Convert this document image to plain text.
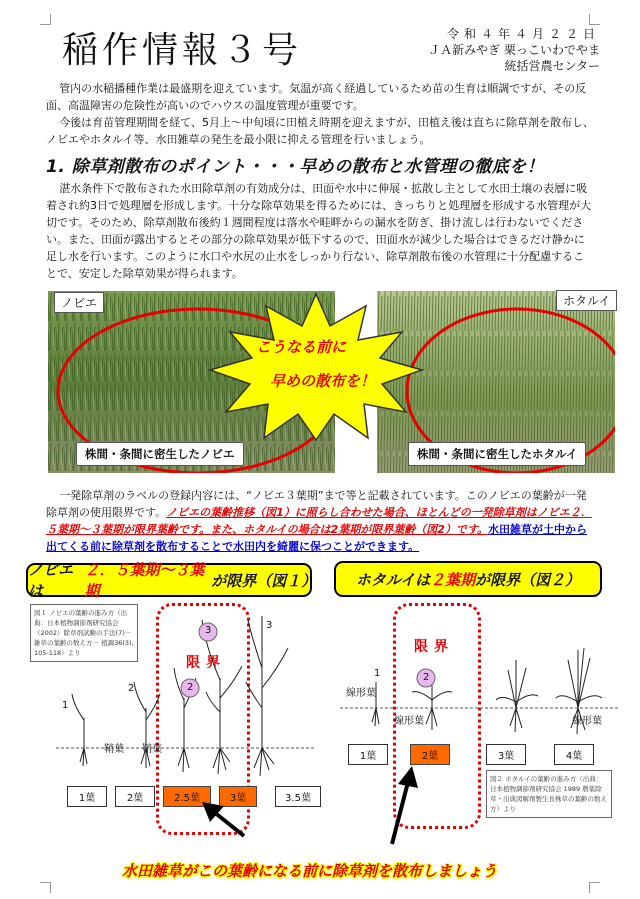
稲作情報３号	令和４年４月２２日
ＪＡ新みやぎ 栗っこいわでやま
統括営農センター
管内の水稲播種作業は最盛期を迎えています。気温が高く経過しているため苗の生育は順調ですが、その反面、高温障害の危険性が高いのでハウスの温度管理が重要です。
今後は育苗管理期間を経て、5月上～中旬頃に田植え時期を迎えますが、田植え後は直ちに除草剤を散布し、ノビエやホタルイ等、水田雑草の発生を最小限に抑える管理を行いましょう。
1. 除草剤散布のポイント・・・早めの散布と水管理の徹底を！
湛水条件下で散布された水田除草剤の有効成分は、田面や水中に伸展・拡散し主として水田土壌の表層に吸着され約3日で処理層を形成します。十分な除草効果を得るためには、きっちりと処理層を形成する水管理が大切です。そのため、除草剤散布後約１週間程度は落水や畦畔からの漏水を防ぎ、掛け流しは行わないでください。また、田面が露出するとその部分の除草効果が低下するので、田面水が減少した場合はできるだけ静かに足し水を行います。このように水口や水尻の止水をしっかり行ない、除草剤散布後の水管理に十分配慮することで、安定した除草効果が得られます。
ノビエ	ホタルイ
こうなる前に
早めの散布を！
株間・条間に密生したノビエ	株間・条間に密生したホタルイ
一発除草剤のラベルの登録内容には、“ノビエ３葉期”まで等と記載されています。このノビエの葉齢が一発除草剤の使用限界です。ノビエの葉齢推移（図1）に照らし合わせた場合、ほとんどの一発除草剤はノビエ２．５葉期～３葉期が限界葉齢です。また、ホタルイの場合は2葉期が限界葉齢（図2）です。水田雑草が土中から出てくる前に除草剤を散布することで水田内を綺麗に保つことができます。
ノビエは
２．５葉期～３葉期
が限界（図１）	ホタルイは ２葉期 が限界（図２）
図１ ノビエの葉齢の進み方（出典：日本植物調節剤研究協会（2002）除草剤試験の手法(7)－雑草の葉齢の数え方－ 植調36(3), 105-118）より
限界
3
2
1
2
3
鞘葉 鞘葉
1葉	2葉	2.5葉	3葉	3.5葉
限界
2
1
線形葉
線形葉	線形葉
1葉	2葉	3葉	4葉
図２ ホタルイの葉齢の進み方（出典：日本植物調節剤研究協会 1989 農薬除草・出典図解剤製生長株草の葉齢の数え方）より
水田雑草がこの葉齢になる前に除草剤を散布しましょう
